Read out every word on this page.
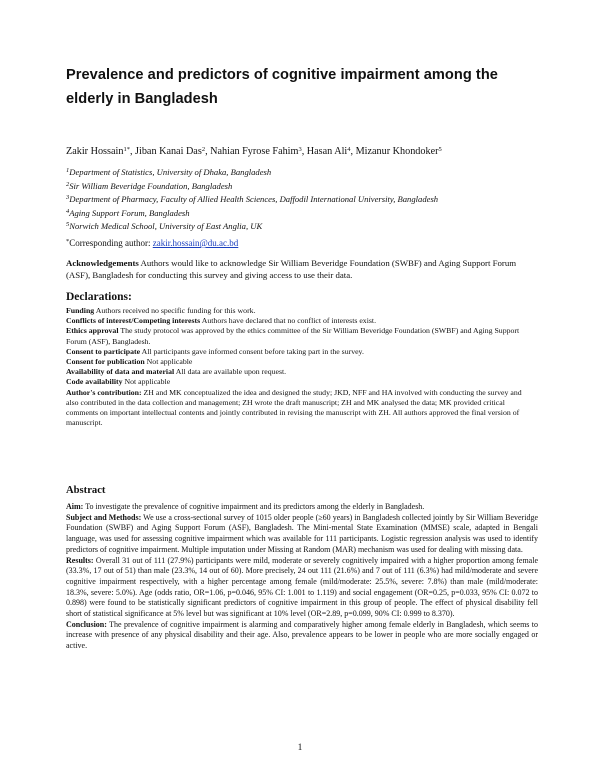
Prevalence and predictors of cognitive impairment among the elderly in Bangladesh
Zakir Hossain$^{1*}$, Jiban Kanai Das$^2$, Nahian Fyrose Fahim$^3$, Hasan Ali$^4$, Mizanur Khondoker$^5$
$^1$Department of Statistics, University of Dhaka, Bangladesh
$^2$Sir William Beveridge Foundation, Bangladesh
$^3$Department of Pharmacy, Faculty of Allied Health Sciences, Daffodil International University, Bangladesh
$^4$Aging Support Forum, Bangladesh
$^5$Norwich Medical School, University of East Anglia, UK
*Corresponding author: zakir.hossain@du.ac.bd
Acknowledgements Authors would like to acknowledge Sir William Beveridge Foundation (SWBF) and Aging Support Forum (ASF), Bangladesh for conducting this survey and giving access to use their data.
Declarations:

Funding Authors received no specific funding for this work.

Conflicts of interest/Competing interests Authors have declared that no conflict of interests exist.

Ethics approval The study protocol was approved by the ethics committee of the Sir William Beveridge Foundation (SWBF) and Aging Support Forum (ASF), Bangladesh.

Consent to participate All participants gave informed consent before taking part in the survey.

Consent for publication Not applicable

Availability of data and material All data are available upon request.

Code availability Not applicable

Author's contribution: ZH and MK conceptualized the idea and designed the study; JKD, NFF and HA involved with conducting the survey and also contributed in the data collection and management; ZH wrote the draft manuscript; ZH and MK analysed the data; MK provided critical comments on important intellectual contents and jointly contributed in revising the manuscript with ZH. All authors approved the final version of manuscript.

Abstract

Aim: To investigate the prevalence of cognitive impairment and its predictors among the elderly in Bangladesh.

Subject and Methods: We use a cross-sectional survey of 1015 older people (≥60 years) in Bangladesh collected jointly by Sir William Beveridge Foundation (SWBF) and Aging Support Forum (ASF), Bangladesh. The Mini-mental State Examination (MMSE) scale, adapted in Bengali language, was used for assessing cognitive impairment which was available for 111 participants. Logistic regression analysis was used to identify predictors of cognitive impairment. Multiple imputation under Missing at Random (MAR) mechanism was used for dealing with missing data.

Results: Overall 31 out of 111 (27.9%) participants were mild, moderate or severely cognitively impaired with a higher proportion among female (33.3%, 17 out of 51) than male (23.3%, 14 out of 60). More precisely, 24 out 111 (21.6%) and 7 out of 111 (6.3%) had mild/moderate and severe cognitive impairment respectively, with a higher percentage among female (mild/moderate: 25.5%, severe: 7.8%) than male (mild/moderate: 18.3%, severe: 5.0%). Age (odds ratio, OR=1.06, p=0.046, 95% CI: 1.001 to 1.119) and social engagement (OR=0.25, p=0.033, 95% CI: 0.072 to 0.898) were found to be statistically significant predictors of cognitive impairment in this group of people. The effect of physical disability fell short of statistical significance at 5% level but was significant at 10% level (OR=2.89, p=0.099, 90% CI: 0.999 to 8.370).

Conclusion: The prevalence of cognitive impairment is alarming and comparatively higher among female elderly in Bangladesh, which seems to increase with presence of any physical disability and their age. Also, prevalence appears to be lower in people who are more socially engaged or active.

1
